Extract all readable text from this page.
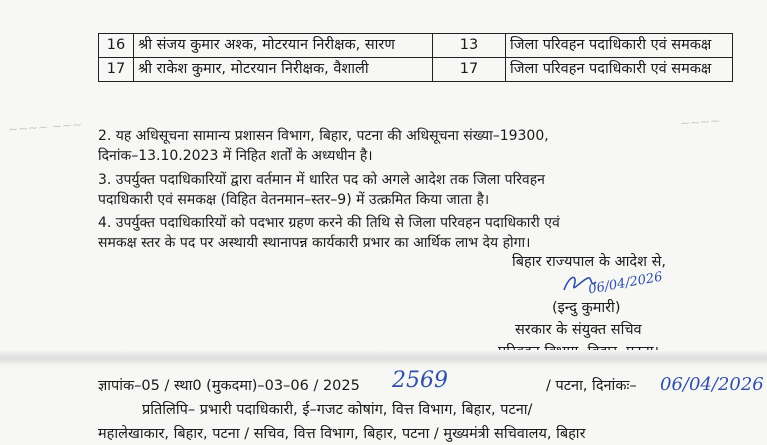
~~~~ ~~~	~~~~
16	श्री संजय कुमार अश्क, मोटरयान निरीक्षक, सारण	13	जिला परिवहन पदाधिकारी एवं समकक्ष
17	श्री राकेश कुमार, मोटरयान निरीक्षक, वैशाली	17	जिला परिवहन पदाधिकारी एवं समकक्ष
2. यह अधिसूचना सामान्य प्रशासन विभाग, बिहार, पटना की अधिसूचना संख्या–19300,
दिनांक–13.10.2023 में निहित शर्तों के अध्यधीन है।
3. उपर्युक्त पदाधिकारियों द्वारा वर्तमान में धारित पद को अगले आदेश तक जिला परिवहन
पदाधिकारी एवं समकक्ष (विहित वेतनमान–स्तर–9) में उत्क्रमित किया जाता है।
4. उपर्युक्त पदाधिकारियों को पदभार ग्रहण करने की तिथि से जिला परिवहन पदाधिकारी एवं
समकक्ष स्तर के पद पर अस्थायी स्थानापन्न कार्यकारी प्रभार का आर्थिक लाभ देय होगा।
बिहार राज्यपाल के आदेश से,
06/04/2026
(इन्दु कुमारी)
सरकार के संयुक्त सचिव
ज्ञापांक–05 / स्था0 (मुकदमा)–03–06 / 2025 2569	/ पटना, दिनांकः– 06/04/2026
प्रतिलिपि– प्रभारी पदाधिकारी, ई–गजट कोषांग, वित्त विभाग, बिहार, पटना/
महालेखाकार, बिहार, पटना / सचिव, वित्त विभाग, बिहार, पटना / मुख्यमंत्री सचिवालय, बिहार
